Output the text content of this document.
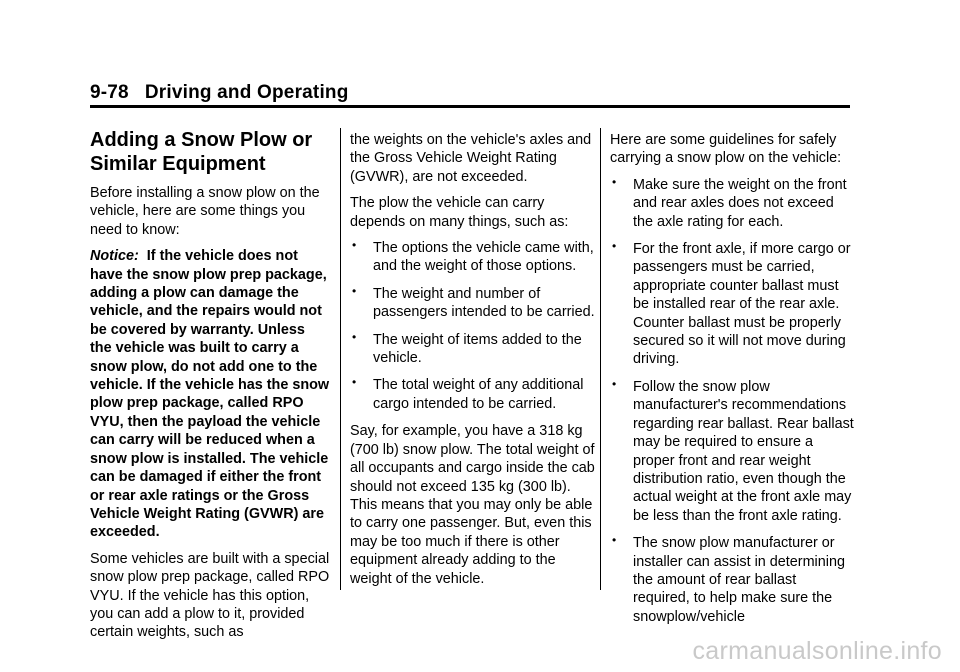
9-78 Driving and Operating
Adding a Snow Plow or Similar Equipment

Before installing a snow plow on the vehicle, here are some things you need to know:

Notice: If the vehicle does not have the snow plow prep package, adding a plow can damage the vehicle, and the repairs would not be covered by warranty. Unless the vehicle was built to carry a snow plow, do not add one to the vehicle. If the vehicle has the snow plow prep package, called RPO VYU, then the payload the vehicle can carry will be reduced when a snow plow is installed. The vehicle can be damaged if either the front or rear axle ratings or the Gross Vehicle Weight Rating (GVWR) are exceeded.

Some vehicles are built with a special snow plow prep package, called RPO VYU. If the vehicle has this option, you can add a plow to it, provided certain weights, such as

the weights on the vehicle's axles and the Gross Vehicle Weight Rating (GVWR), are not exceeded.

The plow the vehicle can carry depends on many things, such as:

• The options the vehicle came with, and the weight of those options.
• The weight and number of passengers intended to be carried.
• The weight of items added to the vehicle.
• The total weight of any additional cargo intended to be carried.

Say, for example, you have a 318 kg (700 lb) snow plow. The total weight of all occupants and cargo inside the cab should not exceed 135 kg (300 lb). This means that you may only be able to carry one passenger. But, even this may be too much if there is other equipment already adding to the weight of the vehicle.

Here are some guidelines for safely carrying a snow plow on the vehicle:

• Make sure the weight on the front and rear axles does not exceed the axle rating for each.
• For the front axle, if more cargo or passengers must be carried, appropriate counter ballast must be installed rear of the rear axle. Counter ballast must be properly secured so it will not move during driving.
• Follow the snow plow manufacturer's recommendations regarding rear ballast. Rear ballast may be required to ensure a proper front and rear weight distribution ratio, even though the actual weight at the front axle may be less than the front axle rating.
• The snow plow manufacturer or installer can assist in determining the amount of rear ballast required, to help make sure the snowplow/vehicle
carmanualsonline.info
